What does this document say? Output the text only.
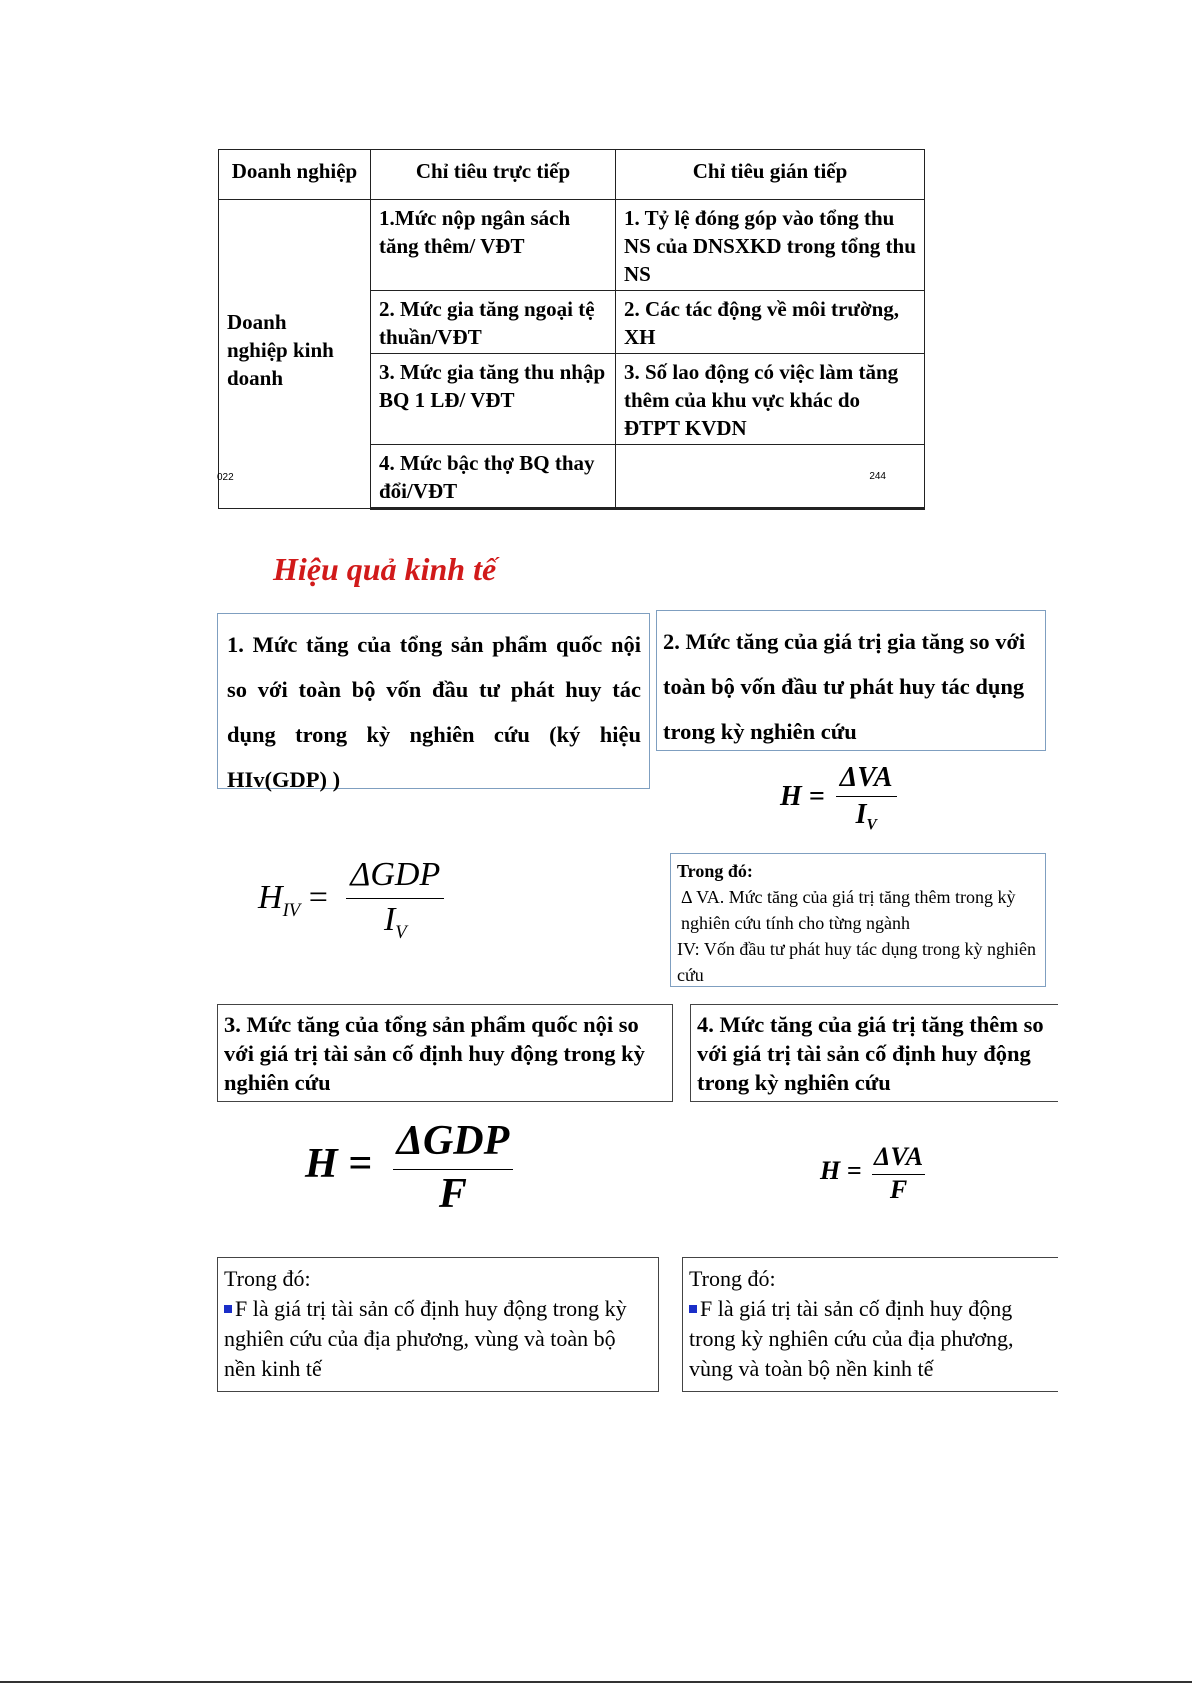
Doanh nghiệp	Chỉ tiêu trực tiếp	Chỉ tiêu gián tiếp

Doanh nghiệp kinh doanh
022	1.Mức nộp ngân sách tăng thêm/ VĐT	1. Tỷ lệ đóng góp vào tổng thu NS của DNSXKD trong tổng thu NS
	2. Mức gia tăng ngoại tệ thuần/VĐT	2. Các tác động về môi trường, XH
	3. Mức gia tăng thu nhập BQ 1 LĐ/ VĐT	3. Số lao động có việc làm tăng thêm của khu vực khác do ĐTPT KVDN
	4. Mức bậc thợ BQ thay đổi/VĐT	244
Hiệu quả kinh tế
1. Mức tăng của tổng sản phẩm quốc nội so với toàn bộ vốn đầu tư phát huy tác dụng trong kỳ nghiên cứu (ký hiệu HIv(GDP) )
2. Mức tăng của giá trị gia tăng so với toàn bộ vốn đầu tư phát huy tác dụng trong kỳ nghiên cứu
$H = \frac{\text{ΔVA}}{I_V}$
$H_{IV} = \frac{\text{ΔGDP}}{I_V}$	Trong đó:
Δ VA. Mức tăng của giá trị tăng thêm trong kỳ nghiên cứu tính cho từng ngành
IV: Vốn đầu tư phát huy tác dụng trong kỳ nghiên cứu
3. Mức tăng của tổng sản phẩm quốc nội so với giá trị tài sản cố định huy động trong kỳ nghiên cứu
4. Mức tăng của giá trị tăng thêm so với giá trị tài sản cố định huy động trong kỳ nghiên cứu
$H = \frac{\text{ΔGDP}}{F}$	$H = \frac{\text{ΔVA}}{F}$
Trong đó:
F là giá trị tài sản cố định huy động trong kỳ nghiên cứu của địa phương, vùng và toàn bộ nền kinh tế
Trong đó:
F là giá trị tài sản cố định huy động trong kỳ nghiên cứu của địa phương, vùng và toàn bộ nền kinh tế
